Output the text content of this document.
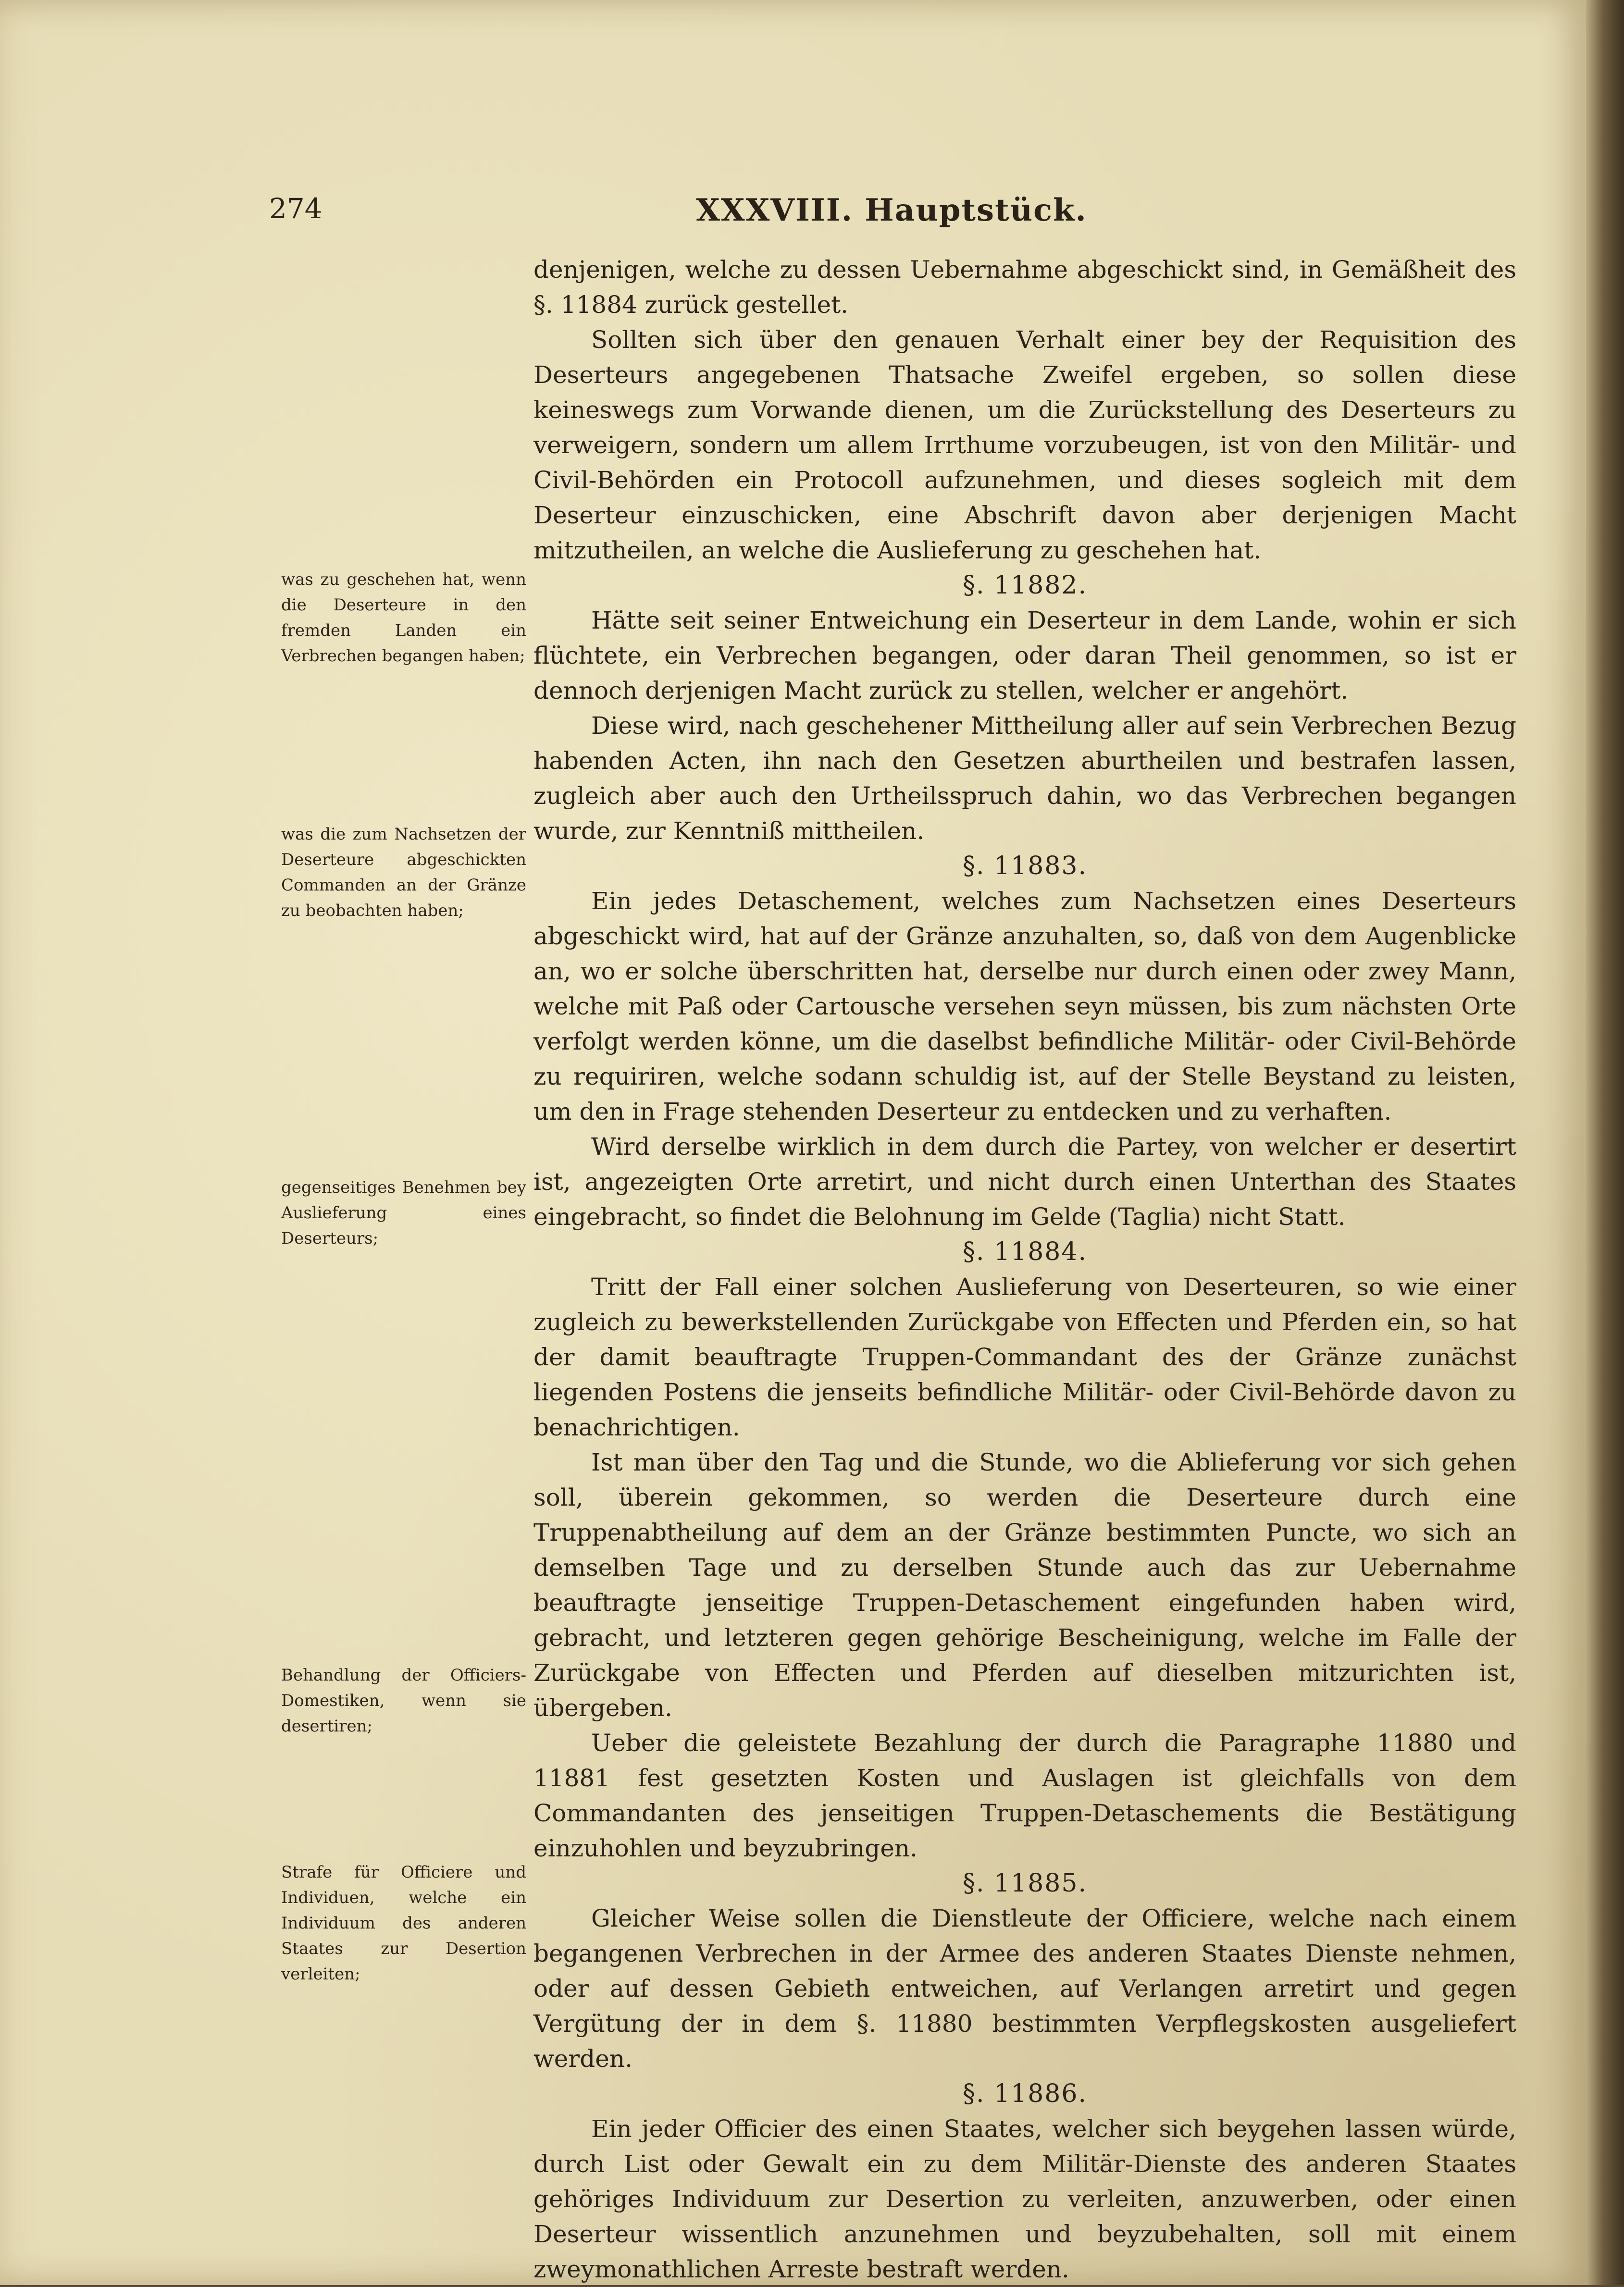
274	XXXVIII. Hauptstück.
was zu geschehen hat, wenn die Deserteure in den fremden Landen ein Verbrechen begangen haben;
was die zum Nachsetzen der Deserteure abgeschickten Commanden an der Gränze zu beobachten haben;
gegenseitiges Benehmen bey Auslieferung eines Deserteurs;
Behandlung der Officiers-Domestiken, wenn sie desertiren;
Strafe für Officiere und Individuen, welche ein Individuum des anderen Staates zur Desertion verleiten;

denjenigen, welche zu dessen Uebernahme abgeschickt sind, in Gemäßheit des §. 11884 zurück gestellet.

Sollten sich über den genauen Verhalt einer bey der Requisition des Deserteurs angegebenen Thatsache Zweifel ergeben, so sollen diese keineswegs zum Vorwande dienen, um die Zurückstellung des Deserteurs zu verweigern, sondern um allem Irrthume vorzubeugen, ist von den Militär- und Civil-Behörden ein Protocoll aufzunehmen, und dieses sogleich mit dem Deserteur einzuschicken, eine Abschrift davon aber derjenigen Macht mitzutheilen, an welche die Auslieferung zu geschehen hat.

§. 11882.

Hätte seit seiner Entweichung ein Deserteur in dem Lande, wohin er sich flüchtete, ein Verbrechen begangen, oder daran Theil genommen, so ist er dennoch derjenigen Macht zurück zu stellen, welcher er angehört.

Diese wird, nach geschehener Mittheilung aller auf sein Verbrechen Bezug habenden Acten, ihn nach den Gesetzen aburtheilen und bestrafen lassen, zugleich aber auch den Urtheilsspruch dahin, wo das Verbrechen begangen wurde, zur Kenntniß mittheilen.

§. 11883.

Ein jedes Detaschement, welches zum Nachsetzen eines Deserteurs abgeschickt wird, hat auf der Gränze anzuhalten, so, daß von dem Augenblicke an, wo er solche überschritten hat, derselbe nur durch einen oder zwey Mann, welche mit Paß oder Cartousche versehen seyn müssen, bis zum nächsten Orte verfolgt werden könne, um die daselbst befindliche Militär- oder Civil-Behörde zu requiriren, welche sodann schuldig ist, auf der Stelle Beystand zu leisten, um den in Frage stehenden Deserteur zu entdecken und zu verhaften.

Wird derselbe wirklich in dem durch die Partey, von welcher er desertirt ist, angezeigten Orte arretirt, und nicht durch einen Unterthan des Staates eingebracht, so findet die Belohnung im Gelde (Taglia) nicht Statt.

§. 11884.

Tritt der Fall einer solchen Auslieferung von Deserteuren, so wie einer zugleich zu bewerkstellenden Zurückgabe von Effecten und Pferden ein, so hat der damit beauftragte Truppen-Commandant des der Gränze zunächst liegenden Postens die jenseits befindliche Militär- oder Civil-Behörde davon zu benachrichtigen.

Ist man über den Tag und die Stunde, wo die Ablieferung vor sich gehen soll, überein gekommen, so werden die Deserteure durch eine Truppenabtheilung auf dem an der Gränze bestimmten Puncte, wo sich an demselben Tage und zu derselben Stunde auch das zur Uebernahme beauftragte jenseitige Truppen-Detaschement eingefunden haben wird, gebracht, und letzteren gegen gehörige Bescheinigung, welche im Falle der Zurückgabe von Effecten und Pferden auf dieselben mitzurichten ist, übergeben.

Ueber die geleistete Bezahlung der durch die Paragraphe 11880 und 11881 fest gesetzten Kosten und Auslagen ist gleichfalls von dem Commandanten des jenseitigen Truppen-Detaschements die Bestätigung einzuhohlen und beyzubringen.

§. 11885.

Gleicher Weise sollen die Dienstleute der Officiere, welche nach einem begangenen Verbrechen in der Armee des anderen Staates Dienste nehmen, oder auf dessen Gebieth entweichen, auf Verlangen arretirt und gegen Vergütung der in dem §. 11880 bestimmten Verpflegskosten ausgeliefert werden.

§. 11886.

Ein jeder Officier des einen Staates, welcher sich beygehen lassen würde, durch List oder Gewalt ein zu dem Militär-Dienste des anderen Staates gehöriges Individuum zur Desertion zu verleiten, anzuwerben, oder einen Deserteur wissentlich anzunehmen und beyzubehalten, soll mit einem zweymonathlichen Arreste bestraft werden.
